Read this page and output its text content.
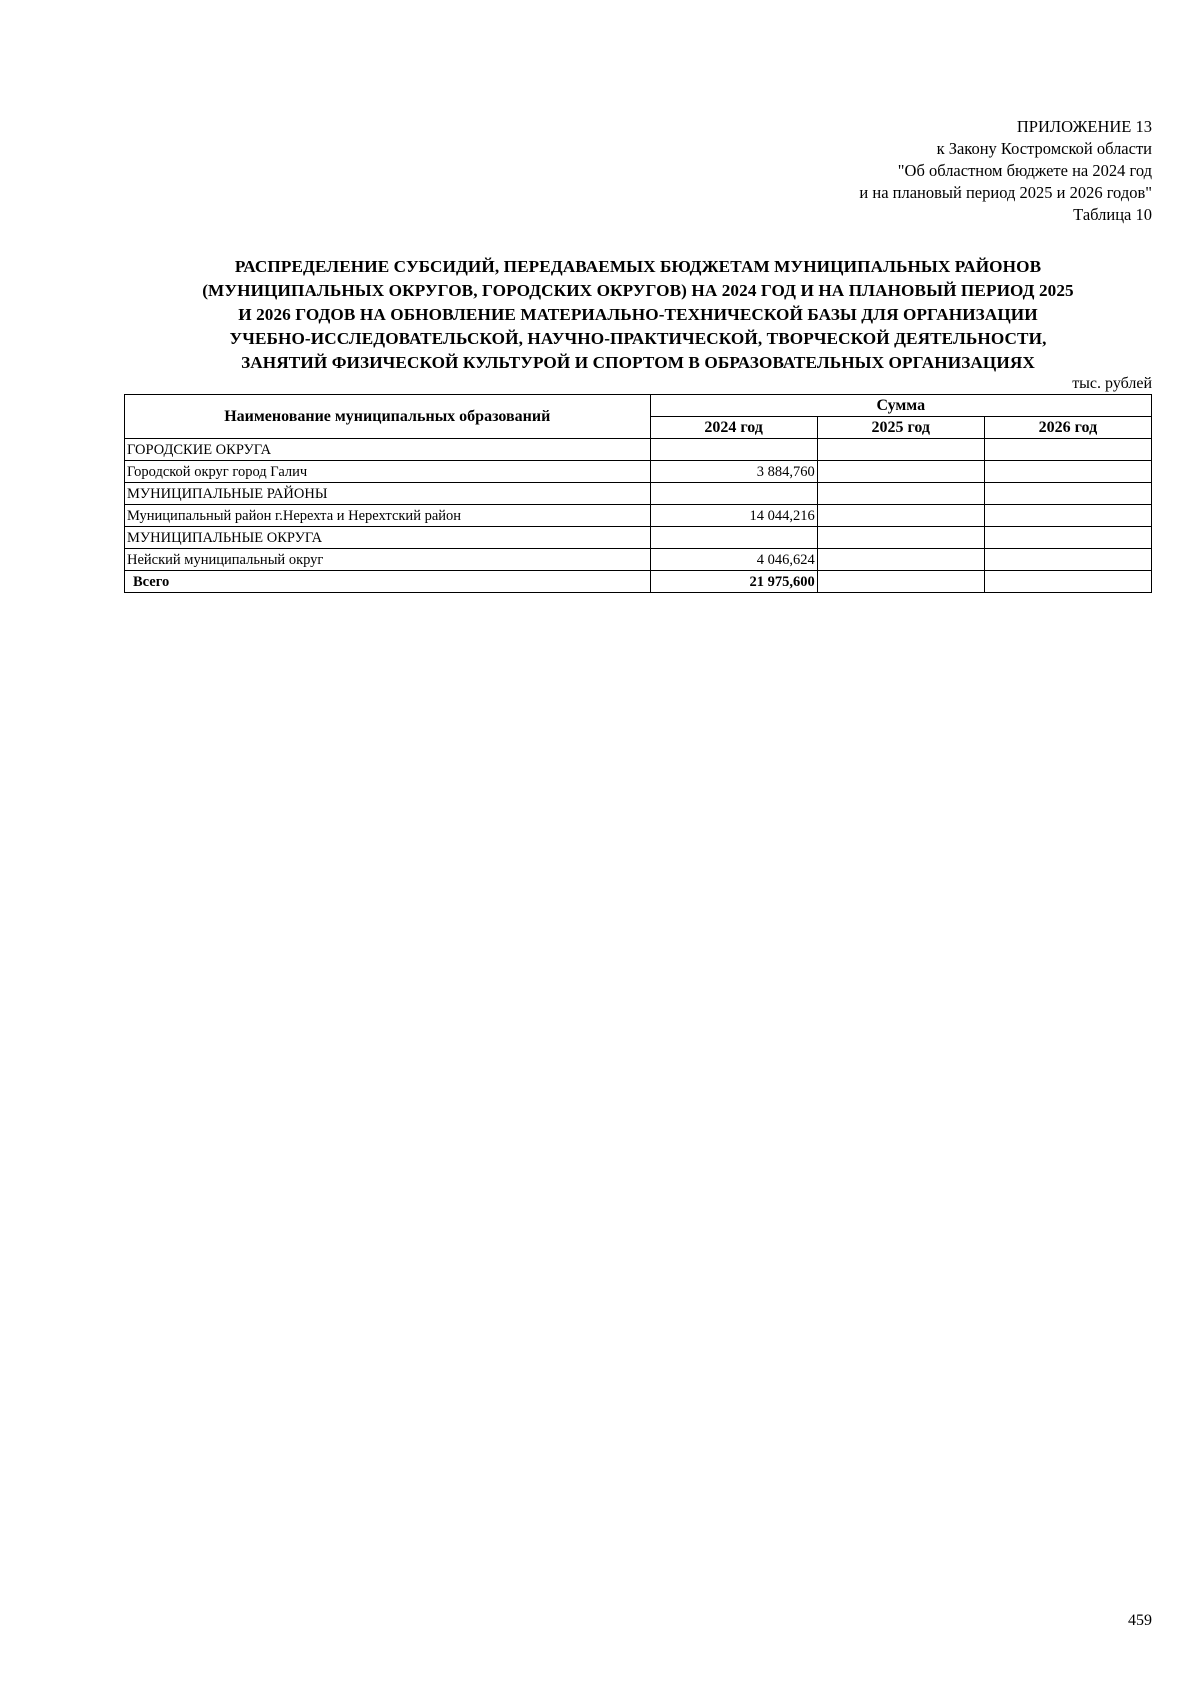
ПРИЛОЖЕНИЕ 13
к Закону Костромской области
"Об областном бюджете на 2024 год
и на плановый период 2025 и 2026 годов"
Таблица 10
РАСПРЕДЕЛЕНИЕ СУБСИДИЙ, ПЕРЕДАВАЕМЫХ БЮДЖЕТАМ МУНИЦИПАЛЬНЫХ РАЙОНОВ
(МУНИЦИПАЛЬНЫХ ОКРУГОВ, ГОРОДСКИХ ОКРУГОВ) НА 2024 ГОД И НА ПЛАНОВЫЙ ПЕРИОД 2025
И 2026 ГОДОВ НА ОБНОВЛЕНИЕ МАТЕРИАЛЬНО-ТЕХНИЧЕСКОЙ БАЗЫ ДЛЯ ОРГАНИЗАЦИИ
УЧЕБНО-ИССЛЕДОВАТЕЛЬСКОЙ, НАУЧНО-ПРАКТИЧЕСКОЙ, ТВОРЧЕСКОЙ ДЕЯТЕЛЬНОСТИ,
ЗАНЯТИЙ ФИЗИЧЕСКОЙ КУЛЬТУРОЙ И СПОРТОМ В ОБРАЗОВАТЕЛЬНЫХ ОРГАНИЗАЦИЯХ
тыс. рублей
Наименование муниципальных образований	Сумма		
	2024 год	2025 год	2026 год
ГОРОДСКИЕ ОКРУГА			
Городской округ город Галич	3 884,760		
МУНИЦИПАЛЬНЫЕ РАЙОНЫ			
Муниципальный район г.Нерехта и Нерехтский район	14 044,216		
МУНИЦИПАЛЬНЫЕ ОКРУГА			
Нейский муниципальный округ	4 046,624		
Всего	21 975,600		
459
